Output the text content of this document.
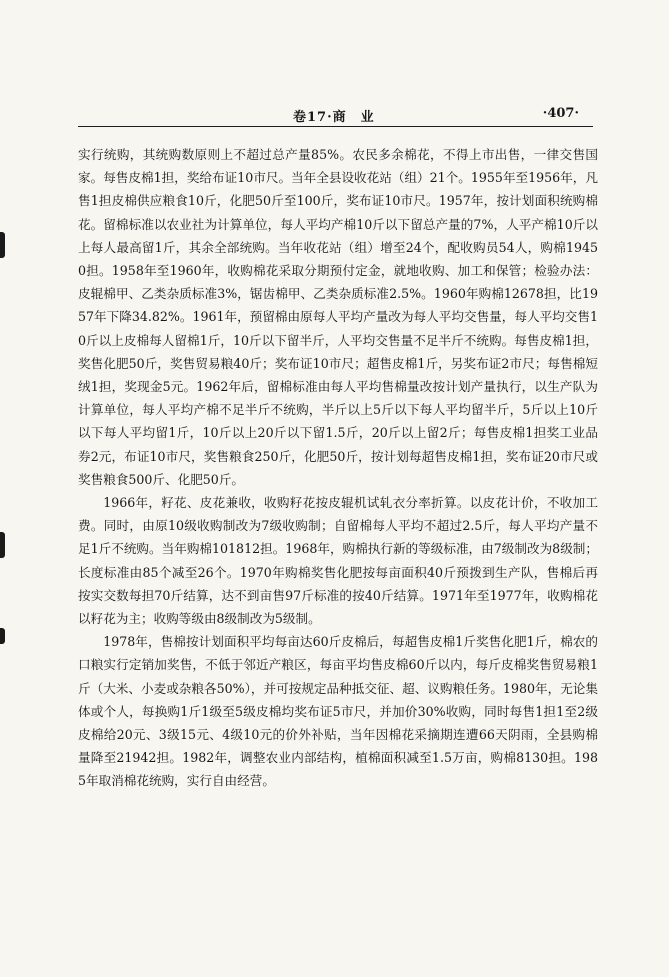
卷17·商　业	·407·

实行统购，其统购数原则上不超过总产量85%。农民多余棉花，不得上市出售，一律交售国家。每售皮棉1担，奖给布证10市尺。当年全县设收花站（组）21个。1955年至1956年，凡售1担皮棉供应粮食10斤，化肥50斤至100斤，奖布证10市尺。1957年，按计划面积统购棉花。留棉标准以农业社为计算单位，每人平均产棉10斤以下留总产量的7%，人平产棉10斤以上每人最高留1斤，其余全部统购。当年收花站（组）增至24个，配收购员54人，购棉19450担。1958年至1960年，收购棉花采取分期预付定金，就地收购、加工和保管；检验办法：皮辊棉甲、乙类杂质标准3%，锯齿棉甲、乙类杂质标准2.5%。1960年购棉12678担，比1957年下降34.82%。1961年，预留棉由原每人平均产量改为每人平均交售量，每人平均交售10斤以上皮棉每人留棉1斤，10斤以下留半斤，人平均交售量不足半斤不统购。每售皮棉1担，奖售化肥50斤，奖售贸易粮40斤；奖布证10市尺；超售皮棉1斤，另奖布证2市尺；每售棉短绒1担，奖现金5元。1962年后，留棉标准由每人平均售棉量改按计划产量执行，以生产队为计算单位，每人平均产棉不足半斤不统购，半斤以上5斤以下每人平均留半斤，5斤以上10斤以下每人平均留1斤，10斤以上20斤以下留1.5斤，20斤以上留2斤；每售皮棉1担奖工业品券2元，布证10市尺，奖售粮食250斤，化肥50斤，按计划每超售皮棉1担，奖布证20市尺或奖售粮食500斤、化肥50斤。

1966年，籽花、皮花兼收，收购籽花按皮辊机试轧衣分率折算。以皮花计价，不收加工费。同时，由原10级收购制改为7级收购制；自留棉每人平均不超过2.5斤，每人平均产量不足1斤不统购。当年购棉101812担。1968年，购棉执行新的等级标准，由7级制改为8级制；长度标准由85个减至26个。1970年购棉奖售化肥按每亩面积40斤预拨到生产队，售棉后再按实交数每担70斤结算，达不到亩售97斤标准的按40斤结算。1971年至1977年，收购棉花以籽花为主；收购等级由8级制改为5级制。

1978年，售棉按计划面积平均每亩达60斤皮棉后，每超售皮棉1斤奖售化肥1斤，棉农的口粮实行定销加奖售，不低于邻近产粮区，每亩平均售皮棉60斤以内，每斤皮棉奖售贸易粮1斤（大米、小麦或杂粮各50%），并可按规定品种抵交征、超、议购粮任务。1980年，无论集体或个人，每换购1斤1级至5级皮棉均奖布证5市尺，并加价30%收购，同时每售1担1至2级皮棉给20元、3级15元、4级10元的价外补贴，当年因棉花采摘期连遭66天阴雨，全县购棉量降至21942担。1982年，调整农业内部结构，植棉面积减至1.5万亩，购棉8130担。1985年取消棉花统购，实行自由经营。
